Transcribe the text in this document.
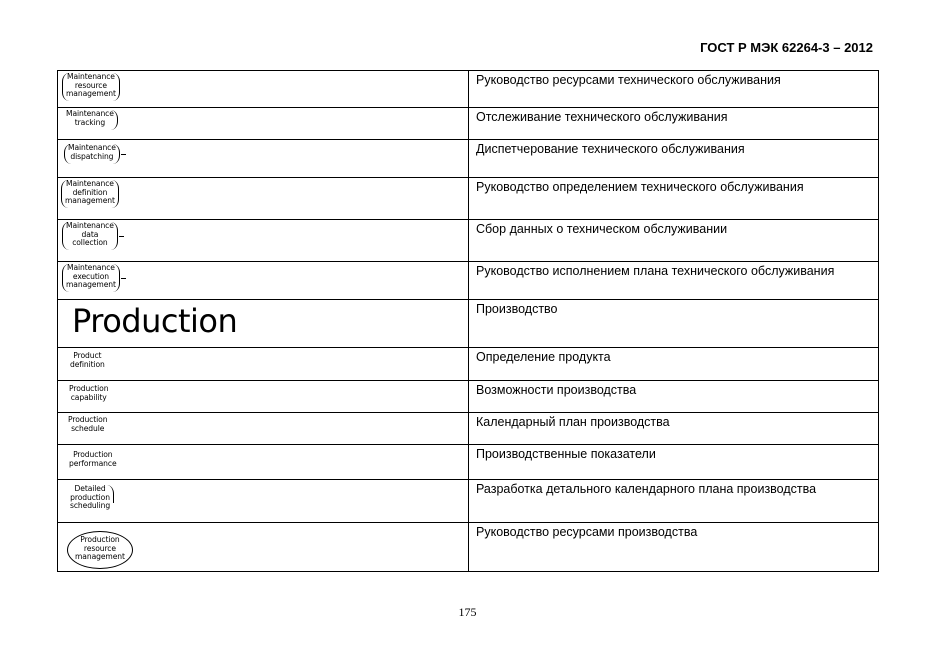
ГОСТ Р МЭК 62264-3 – 2012
Maintenance
resource
management	Руководство ресурсами технического обслуживания

Maintenance
tracking	Отслеживание технического обслуживания

Maintenance
dispatching	Диспетчерование технического обслуживания

Maintenance
definition
management	Руководство определением технического обслуживания

Maintenance
data
collection	Сбор данных о техническом обслуживании

Maintenance
execution
management	Руководство исполнением плана технического обслуживания

Production	Производство

Product
definition	Определение продукта

Production
capability	Возможности производства

Production
schedule	Календарный план производства

Production
performance	Производственные показатели

Detailed
production
scheduling	Разработка детального календарного плана производства

Production
resource
management	Руководство ресурсами производства
175
